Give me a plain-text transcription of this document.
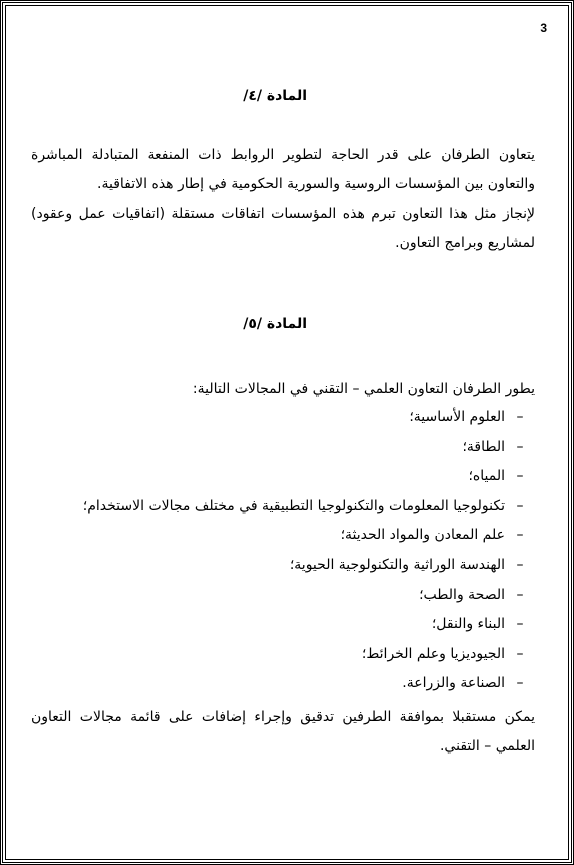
3
المادة /٤/

يتعاون الطرفان على قدر الحاجة لتطوير الروابط ذات المنفعة المتبادلة المباشرة والتعاون بين المؤسسات الروسية والسورية الحكومية في إطار هذه الاتفاقية.

لإنجاز مثل هذا التعاون تبرم هذه المؤسسات اتفاقات مستقلة (اتفاقيات عمل وعقود) لمشاريع وبرامج التعاون.

المادة /٥/

يطور الطرفان التعاون العلمي – التقني في المجالات التالية:

–
العلوم الأساسية؛
–
الطاقة؛
–
المياه؛
–
تكنولوجيا المعلومات والتكنولوجيا التطبيقية في مختلف مجالات الاستخدام؛
–
علم المعادن والمواد الحديثة؛
–
الهندسة الوراثية والتكنولوجية الحيوية؛
–
الصحة والطب؛
–
البناء والنقل؛
–
الجيوديزيا وعلم الخرائط؛
–
الصناعة والزراعة.

يمكن مستقبلا بموافقة الطرفين تدقيق وإجراء إضافات على قائمة مجالات التعاون العلمي – التقني.
